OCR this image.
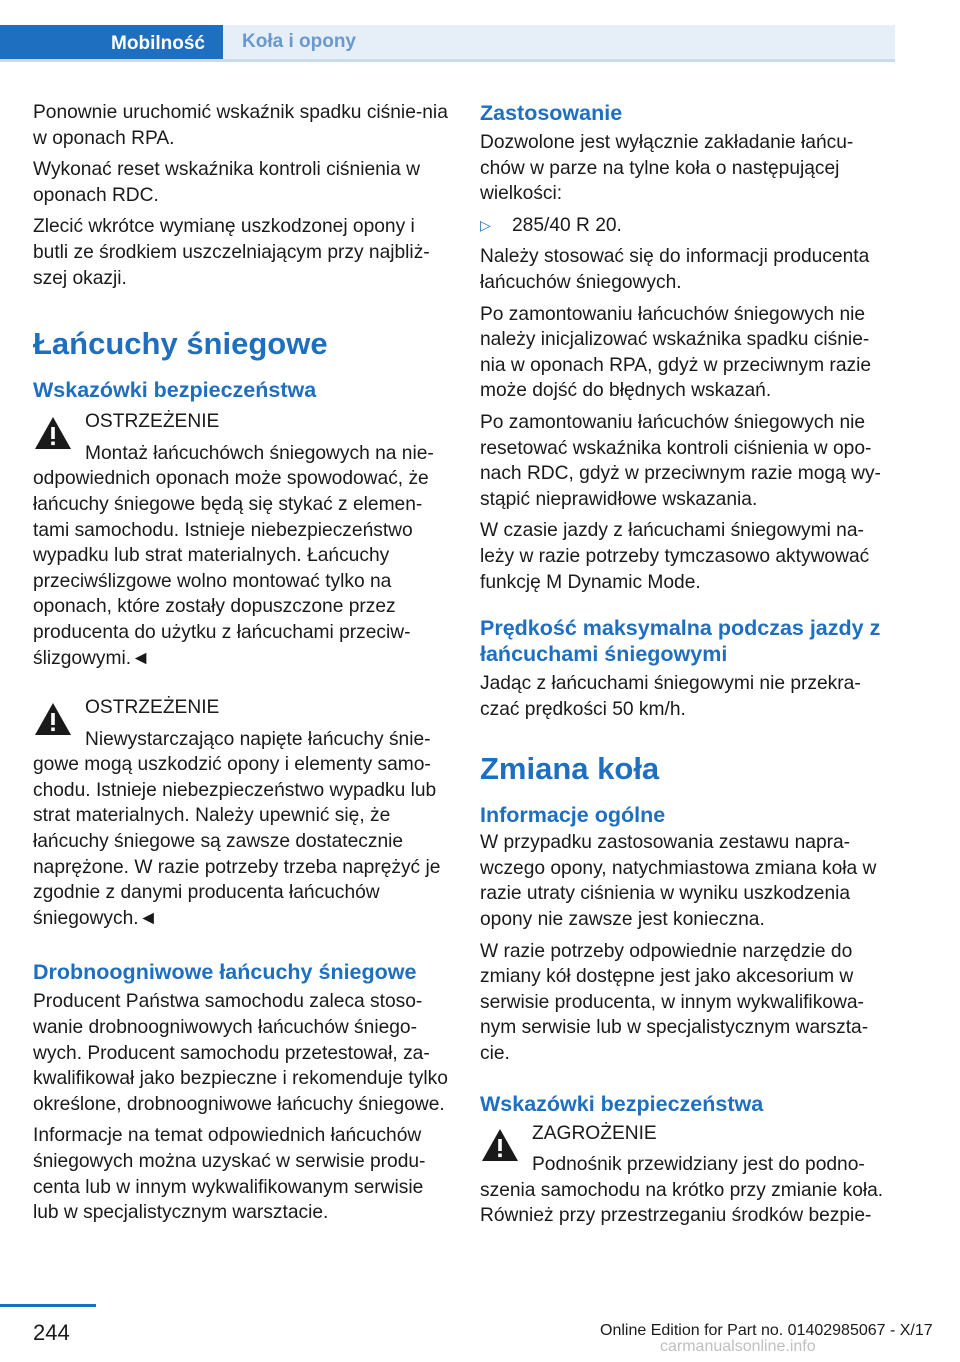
Mobilność	Koła i opony

Ponownie uruchomić wskaźnik spadku ciśnie-nia w oponach RPA.

Wykonać reset wskaźnika kontroli ciśnienia w oponach RDC.

Zlecić wkrótce wymianę uszkodzonej opony i butli ze środkiem uszczelniającym przy najbliż-szej okazji.

Łańcuchy śniegowe
Wskazówki bezpieczeństwa

OSTRZEŻENIE

Montaż łańcuchówch śniegowych na nie-odpowiednich oponach może spowodować, że łańcuchy śniegowe będą się stykać z elemen-tami samochodu. Istnieje niebezpieczeństwo wypadku lub strat materialnych. Łańcuchy przeciwślizgowe wolno montować tylko na oponach, które zostały dopuszczone przez producenta do użytku z łańcuchami przeciw-ślizgowymi.◄

OSTRZEŻENIE

Niewystarczająco napięte łańcuchy śnie-gowe mogą uszkodzić opony i elementy samo-chodu. Istnieje niebezpieczeństwo wypadku lub strat materialnych. Należy upewnić się, że łańcuchy śniegowe są zawsze dostatecznie naprężone. W razie potrzeby trzeba naprężyć je zgodnie z danymi producenta łańcuchów śniegowych.◄

Drobnoogniwowe łańcuchy śniegowe

Producent Państwa samochodu zaleca stoso-wanie drobnoogniwowych łańcuchów śniego-wych. Producent samochodu przetestował, za-kwalifikował jako bezpieczne i rekomenduje tylko określone, drobnoogniwowe łańcuchy śniegowe.

Informacje na temat odpowiednich łańcuchów śniegowych można uzyskać w serwisie produ-centa lub w innym wykwalifikowanym serwisie lub w specjalistycznym warsztacie.

Zastosowanie

Dozwolone jest wyłącznie zakładanie łańcu-chów w parze na tylne koła o następującej wielkości:

▷	285/40 R 20.

Należy stosować się do informacji producenta łańcuchów śniegowych.

Po zamontowaniu łańcuchów śniegowych nie należy inicjalizować wskaźnika spadku ciśnie-nia w oponach RPA, gdyż w przeciwnym razie może dojść do błędnych wskazań.

Po zamontowaniu łańcuchów śniegowych nie resetować wskaźnika kontroli ciśnienia w opo-nach RDC, gdyż w przeciwnym razie mogą wy-stąpić nieprawidłowe wskazania.

W czasie jazdy z łańcuchami śniegowymi na-leży w razie potrzeby tymczasowo aktywować funkcję M Dynamic Mode.

Prędkość maksymalna podczas jazdy z łańcuchami śniegowymi

Jadąc z łańcuchami śniegowymi nie przekra-czać prędkości 50 km/h.

Zmiana koła
Informacje ogólne

W przypadku zastosowania zestawu napra-wczego opony, natychmiastowa zmiana koła w razie utraty ciśnienia w wyniku uszkodzenia opony nie zawsze jest konieczna.

W razie potrzeby odpowiednie narzędzie do zmiany kół dostępne jest jako akcesorium w serwisie producenta, w innym wykwalifikowa-nym serwisie lub w specjalistycznym warszta-cie.

Wskazówki bezpieczeństwa

ZAGROŻENIE

Podnośnik przewidziany jest do podno-szenia samochodu na krótko przy zmianie koła. Również przy przestrzeganiu środków bezpie-

244	Online Edition for Part no. 01402985067 - X/17
carmanualsonline.info
